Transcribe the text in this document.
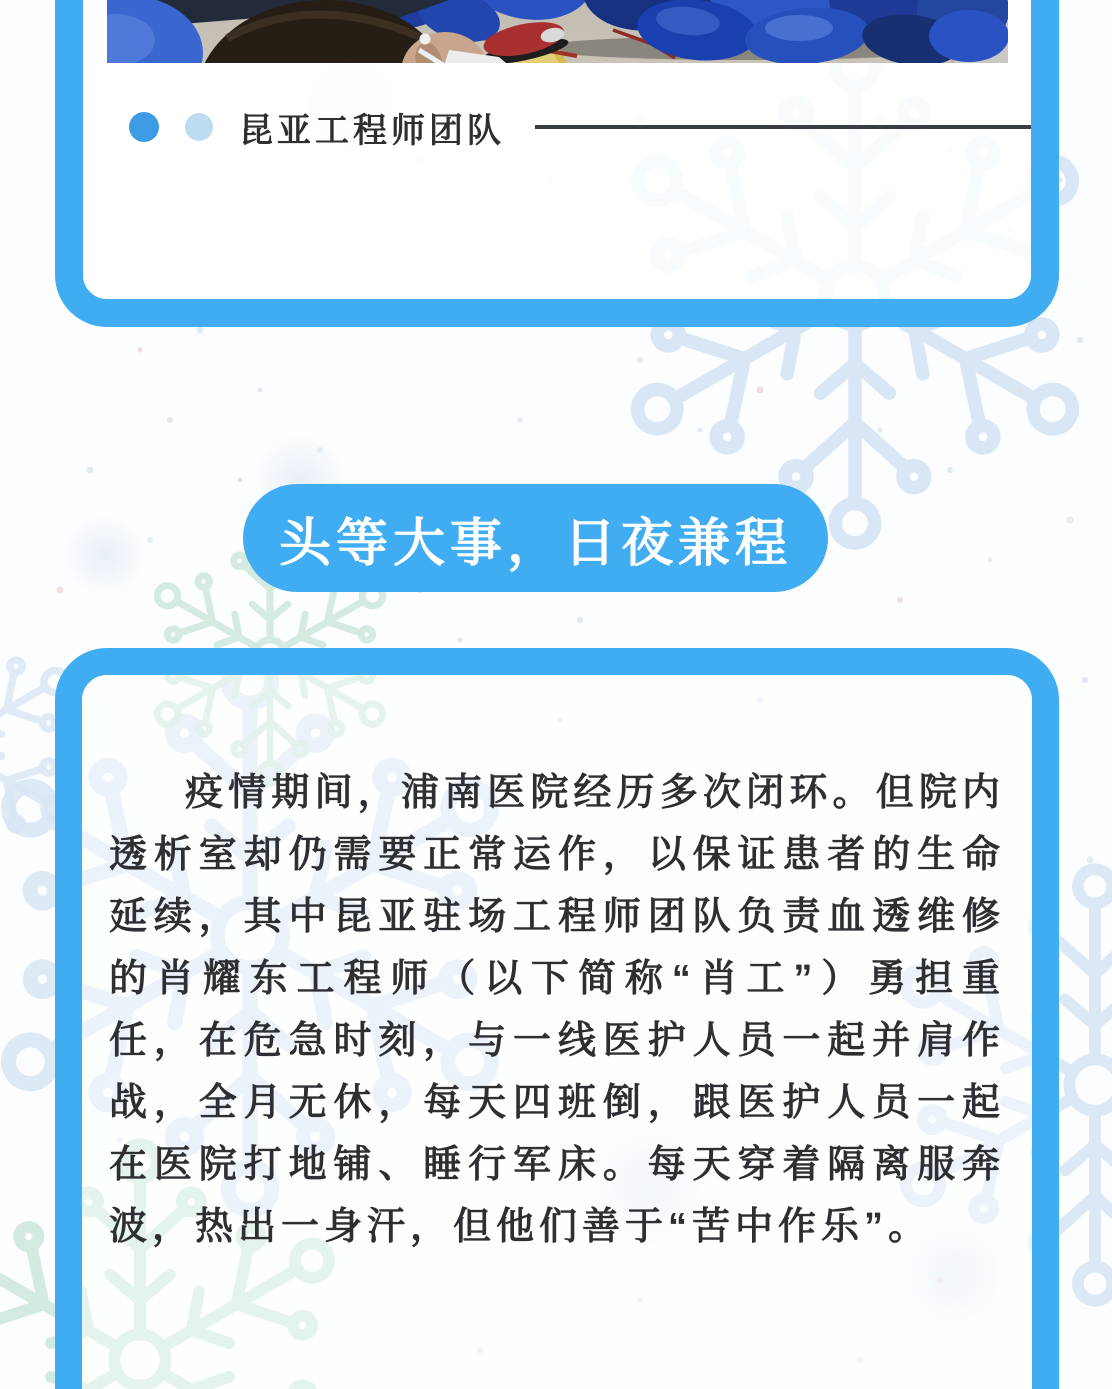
昆亚工程师团队
头等大事，日夜兼程

疫情期间，浦南医院经历多次闭环。但院内透析室却仍需要正常运作，以保证患者的生命延续，其中昆亚驻场工程师团队负责血透维修的肖耀东工程师（以下简称“肖工”）勇担重任，在危急时刻，与一线医护人员一起并肩作战，全月无休，每天四班倒，跟医护人员一起在医院打地铺、睡行军床。每天穿着隔离服奔波，热出一身汗，但他们善于“苦中作乐”。
